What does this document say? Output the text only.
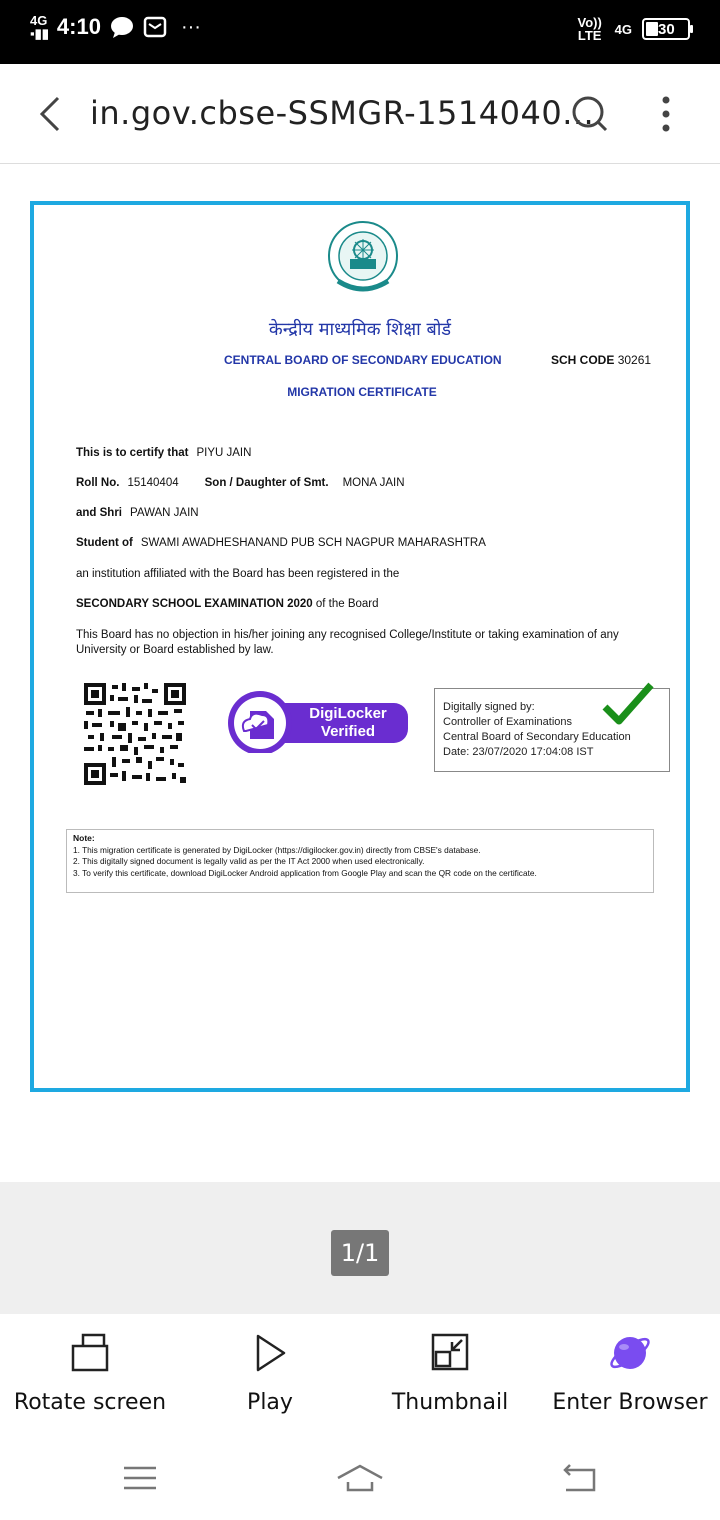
4G
▪▮▮ 4:10	···	Vo)) LTE 4G 30
in.gov.cbse-SSMGR-1514040...
केन्द्रीय माध्यमिक शिक्षा बोर्ड
CENTRAL BOARD OF SECONDARY EDUCATION	SCH CODE 30261
MIGRATION CERTIFICATE
This is to certify that PIYU JAIN
Roll No. 15140404 Son / Daughter of Smt. MONA JAIN
and Shri PAWAN JAIN
Student of SWAMI AWADHESHANAND PUB SCH NAGPUR MAHARASHTRA
an institution affiliated with the Board has been registered in the
SECONDARY SCHOOL EXAMINATION 2020 of the Board
This Board has no objection in his/her joining any recognised College/Institute or taking examination of any University or Board established by law.
DigiLocker
Verified
Digitally signed by:
Controller of Examinations
Central Board of Secondary Education
Date: 23/07/2020 17:04:08 IST
Note:
1. This migration certificate is generated by DigiLocker (https://digilocker.gov.in) directly from CBSE's database.
2. This digitally signed document is legally valid as per the IT Act 2000 when used electronically.
3. To verify this certificate, download DigiLocker Android application from Google Play and scan the QR code on the certificate.
1/1
Rotate screen	Play	Thumbnail	Enter Browser
